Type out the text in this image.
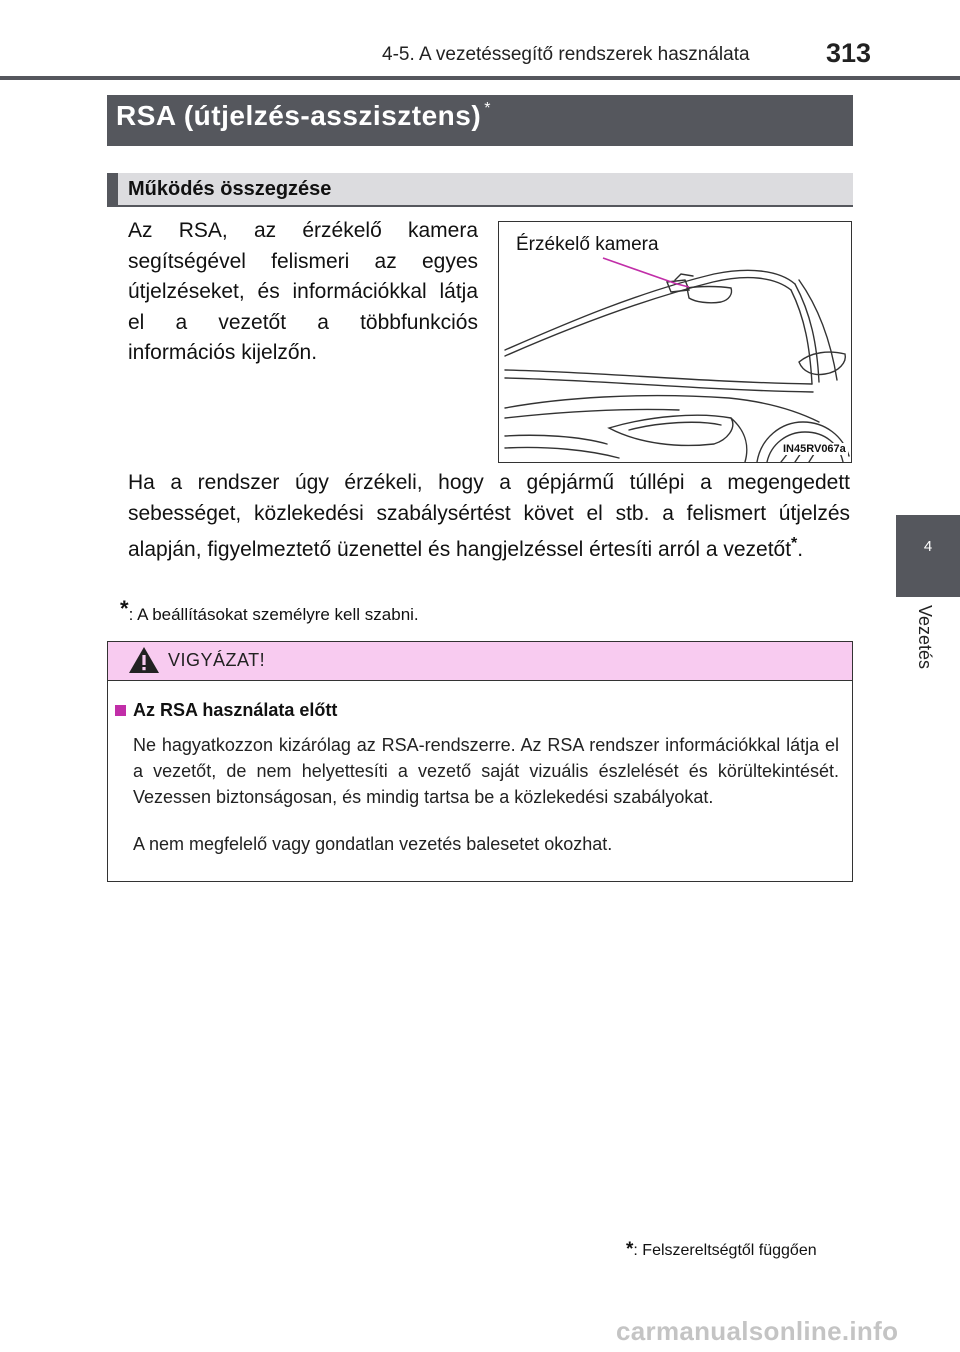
4-5. A vezetéssegítő rendszerek használata	313
4
Vezetés
RSA (útjelzés-asszisztens) *
Működés összegzése
Az RSA, az érzékelő kamera segítségével felismeri az egyes útjelzéseket, és információkkal látja el a vezetőt a többfunkciós információs kijelzőn.
Érzékelő kamera
IN45RV067a
Ha a rendszer úgy érzékeli, hogy a gépjármű túllépi a megengedett sebességet, közlekedési szabálysértést követ el stb. a felismert útjelzés alapján, figyelmeztető üzenettel és hangjelzéssel értesíti arról a vezetőt*.
*: A beállításokat személyre kell szabni.
VIGYÁZAT!
Az RSA használata előtt
Ne hagyatkozzon kizárólag az RSA-rendszerre. Az RSA rendszer információkkal látja el a vezetőt, de nem helyettesíti a vezető saját vizuális észlelését és körültekintését. Vezessen biztonságosan, és mindig tartsa be a közlekedési szabályokat.
A nem megfelelő vagy gondatlan vezetés balesetet okozhat.
*: Felszereltségtől függően
carmanualsonline.info
